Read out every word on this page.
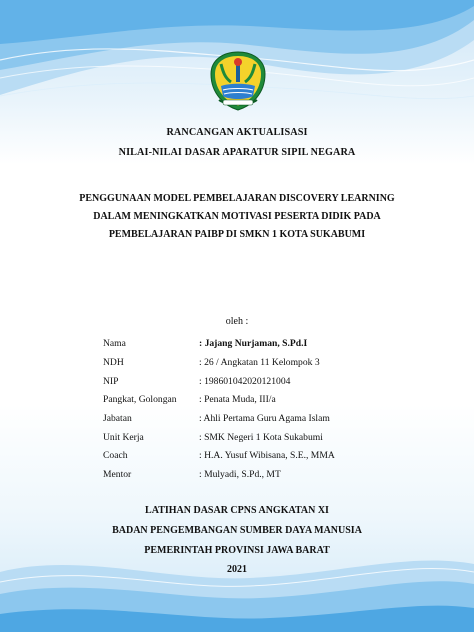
RANCANGAN AKTUALISASI
NILAI-NILAI DASAR APARATUR SIPIL NEGARA
PENGGUNAAN MODEL PEMBELAJARAN DISCOVERY LEARNING
DALAM MENINGKATKAN MOTIVASI PESERTA DIDIK PADA
PEMBELAJARAN PAIBP DI SMKN 1 KOTA SUKABUMI
oleh :
Nama	: Jajang Nurjaman, S.Pd.I
NDH	: 26 / Angkatan 11 Kelompok 3
NIP	: 198601042020121004
Pangkat, Golongan : Penata Muda, III/a
Jabatan	: Ahli Pertama Guru Agama Islam
Unit Kerja	: SMK Negeri 1 Kota Sukabumi
Coach	: H.A. Yusuf Wibisana, S.E., MMA
Mentor	: Mulyadi, S.Pd., MT
LATIHAN DASAR CPNS ANGKATAN XI
BADAN PENGEMBANGAN SUMBER DAYA MANUSIA
PEMERINTAH PROVINSI JAWA BARAT
2021
